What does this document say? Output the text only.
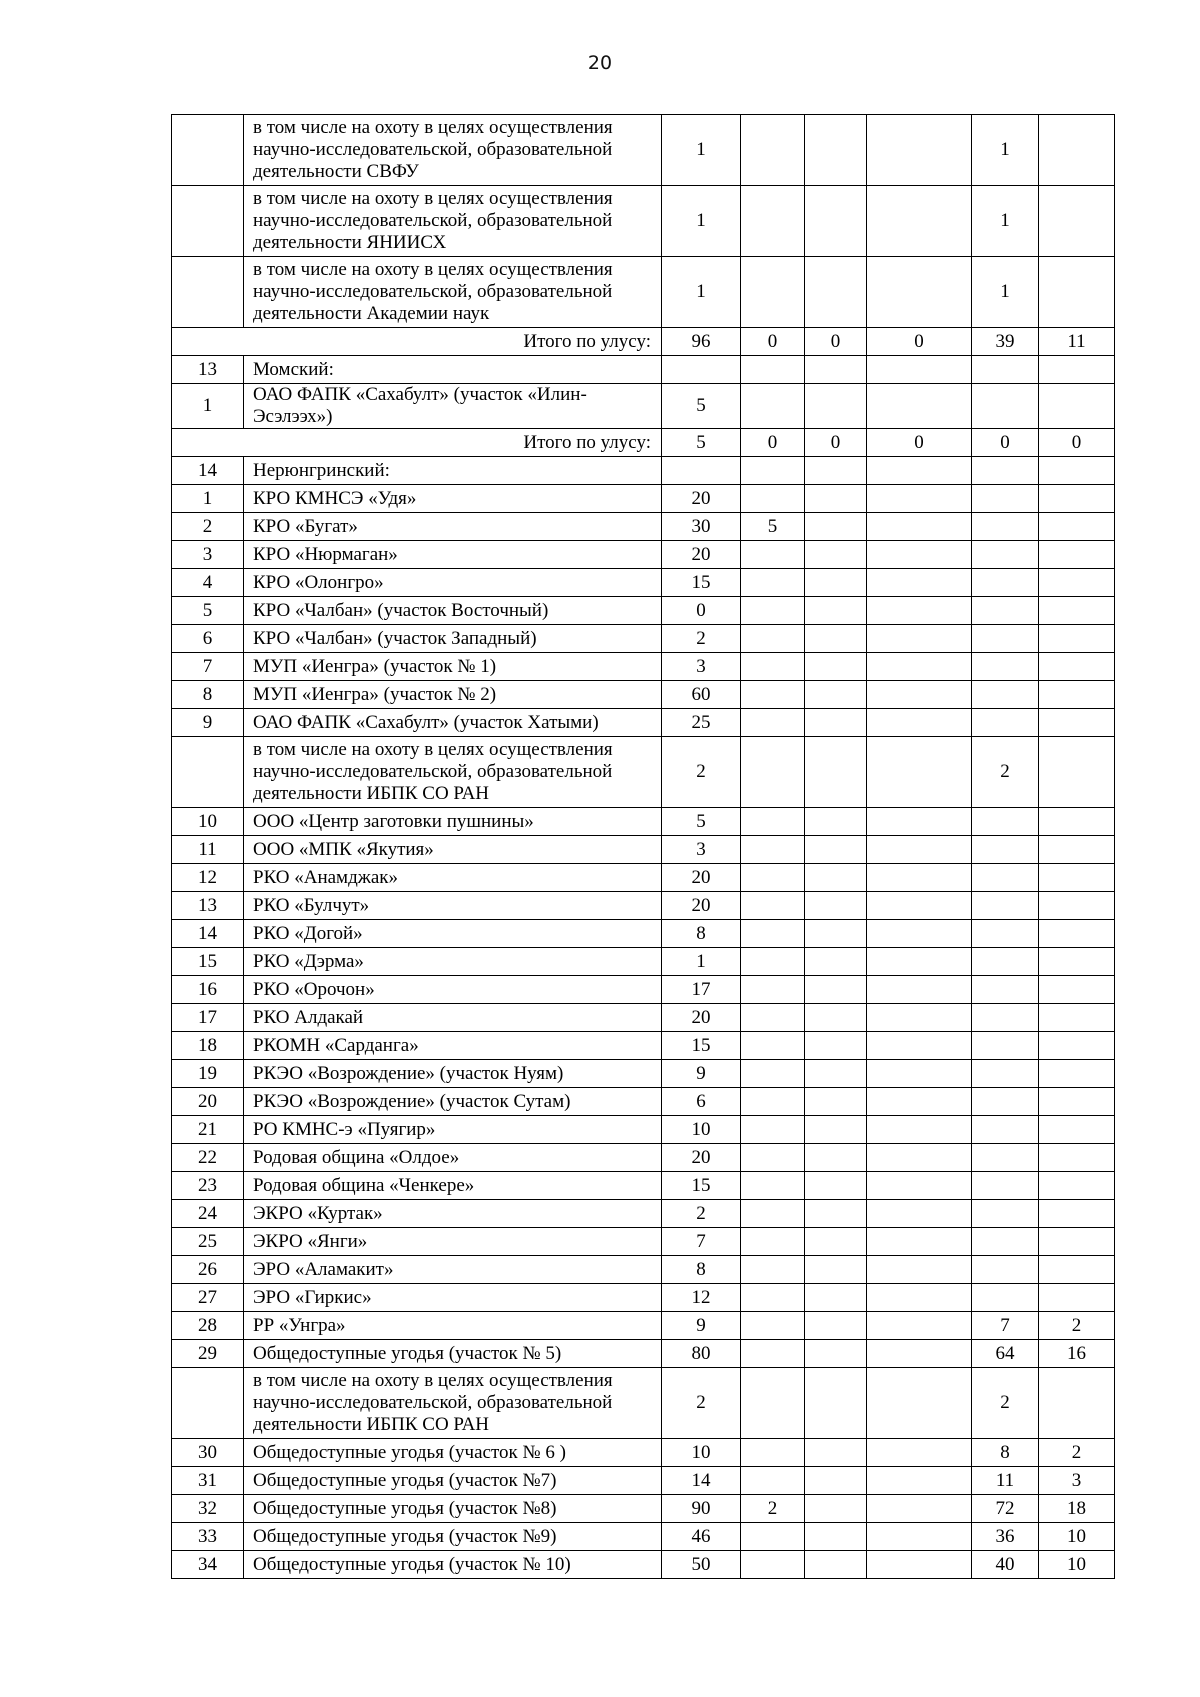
20
	в том числе на охоту в целях осуществления научно-исследовательской, образовательной деятельности СВФУ	1				1	
	в том числе на охоту в целях осуществления научно-исследовательской, образовательной деятельности ЯНИИСХ	1				1	
	в том числе на охоту в целях осуществления научно-исследовательской, образовательной деятельности Академии наук	1				1	
Итого по улусу:		96	0	0	0	39	11
13	Момский:						
1	ОАО ФАПК «Сахабулт» (участок «Илин-Эсэлээх»)	5					
Итого по улусу:		5	0	0	0	0	0
14	Нерюнгринский:						
1	КРО КМНСЭ «Удя»	20					
2	КРО «Бугат»	30	5				
3	КРО «Нюрмаган»	20					
4	КРО «Олонгро»	15					
5	КРО «Чалбан» (участок Восточный)	0					
6	КРО «Чалбан» (участок Западный)	2					
7	МУП «Иенгра» (участок № 1)	3					
8	МУП «Иенгра» (участок № 2)	60					
9	ОАО ФАПК «Сахабулт» (участок Хатыми)	25					
	в том числе на охоту в целях осуществления научно-исследовательской, образовательной деятельности ИБПК СО РАН	2				2	
10	ООО «Центр заготовки пушнины»	5					
11	ООО «МПК «Якутия»	3					
12	РКО «Анамджак»	20					
13	РКО «Булчут»	20					
14	РКО «Догой»	8					
15	РКО «Дэрма»	1					
16	РКО «Орочон»	17					
17	РКО Алдакай	20					
18	РКОМН «Сарданга»	15					
19	РКЭО «Возрождение» (участок Нуям)	9					
20	РКЭО «Возрождение» (участок Сутам)	6					
21	РО КМНС-э «Пуягир»	10					
22	Родовая община «Олдое»	20					
23	Родовая община «Ченкере»	15					
24	ЭКРО «Куртак»	2					
25	ЭКРО «Янги»	7					
26	ЭРО «Аламакит»	8					
27	ЭРО «Гиркис»	12					
28	РР «Унгра»	9				7	2
29	Общедоступные угодья (участок № 5)	80				64	16
	в том числе на охоту в целях осуществления научно-исследовательской, образовательной деятельности ИБПК СО РАН	2				2	
30	Общедоступные угодья (участок № 6 )	10				8	2
31	Общедоступные угодья (участок №7)	14				11	3
32	Общедоступные угодья (участок №8)	90	2			72	18
33	Общедоступные угодья (участок №9)	46				36	10
34	Общедоступные угодья (участок № 10)	50				40	10
